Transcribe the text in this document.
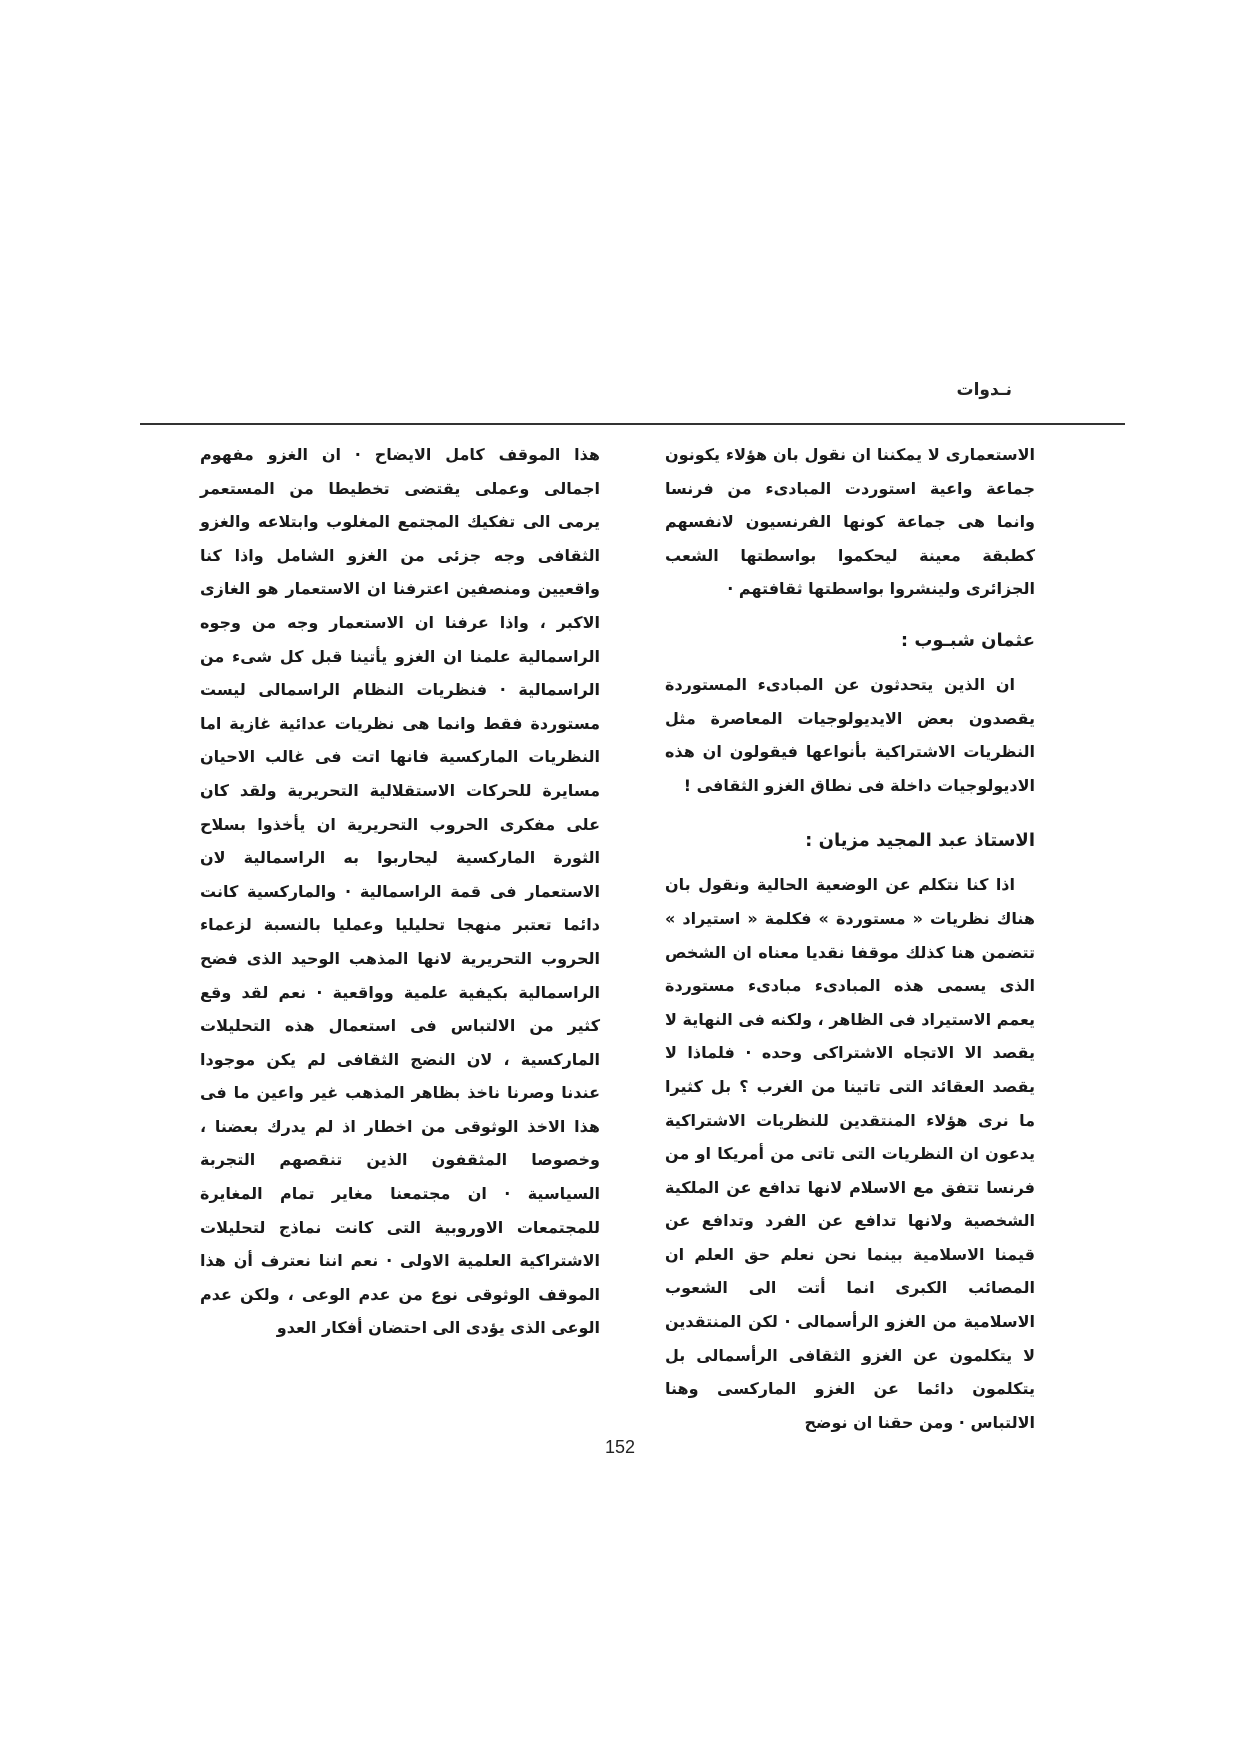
نـدوات

الاستعمارى لا يمكننا ان نقول بان هؤلاء يكونون جماعة واعية استوردت المبادىء من فرنسا وانما هى جماعة كونها الفرنسيون لانفسهم كطبقة معينة ليحكموا بواسطتها الشعب الجزائرى ولينشروا بواسطتها ثقافتهم ·

عثمان شبـوب :

ان الذين يتحدثون عن المبادىء المستوردة يقصدون بعض الايديولوجيات المعاصرة مثل النظريات الاشتراكية بأنواعها فيقولون ان هذه الاديولوجيات داخلة فى نطاق الغزو الثقافى !

الاستاذ عبد المجيد مزيان :

اذا كنا نتكلم عن الوضعية الحالية ونقول بان هناك نظريات « مستوردة » فكلمة « استيراد » تتضمن هنا كذلك موقفا نقديا معناه ان الشخص الذى يسمى هذه المبادىء مبادىء مستوردة يعمم الاستيراد فى الظاهر ، ولكنه فى النهاية لا يقصد الا الاتجاه الاشتراكى وحده · فلماذا لا يقصد العقائد التى تاتينا من الغرب ؟ بل كثيرا ما نرى هؤلاء المنتقدين للنظريات الاشتراكية يدعون ان النظريات التى تاتى من أمريكا او من فرنسا تتفق مع الاسلام لانها تدافع عن الملكية الشخصية ولانها تدافع عن الفرد وتدافع عن قيمنا الاسلامية بينما نحن نعلم حق العلم ان المصائب الكبرى انما أتت الى الشعوب الاسلامية من الغزو الرأسمالى · لكن المنتقدين لا يتكلمون عن الغزو الثقافى الرأسمالى بل يتكلمون دائما عن الغزو الماركسى وهنا الالتباس · ومن حقنا ان نوضح

هذا الموقف كامل الايضاح · ان الغزو مفهوم اجمالى وعملى يقتضى تخطيطا من المستعمر يرمى الى تفكيك المجتمع المغلوب وابتلاعه والغزو الثقافى وجه جزئى من الغزو الشامل واذا كنا واقعيين ومنصفين اعترفنا ان الاستعمار هو الغازى الاكبر ، واذا عرفنا ان الاستعمار وجه من وجوه الراسمالية علمنا ان الغزو يأتينا قبل كل شىء من الراسمالية · فنظريات النظام الراسمالى ليست مستوردة فقط وانما هى نظريات عدائية غازية اما النظريات الماركسية فانها اتت فى غالب الاحيان مسايرة للحركات الاستقلالية التحريرية ولقد كان على مفكرى الحروب التحريرية ان يأخذوا بسلاح الثورة الماركسية ليحاربوا به الراسمالية لان الاستعمار فى قمة الراسمالية · والماركسية كانت دائما تعتبر منهجا تحليليا وعمليا بالنسبة لزعماء الحروب التحريرية لانها المذهب الوحيد الذى فضح الراسمالية بكيفية علمية وواقعية · نعم لقد وقع كثير من الالتباس فى استعمال هذه التحليلات الماركسية ، لان النضج الثقافى لم يكن موجودا عندنا وصرنا ناخذ بظاهر المذهب غير واعين ما فى هذا الاخذ الوثوقى من اخطار اذ لم يدرك بعضنا ، وخصوصا المثقفون الذين تنقصهم التجربة السياسية · ان مجتمعنا مغاير تمام المغايرة للمجتمعات الاوروبية التى كانت نماذج لتحليلات الاشتراكية العلمية الاولى · نعم اننا نعترف أن هذا الموقف الوثوقى نوع من عدم الوعى ، ولكن عدم الوعى الذى يؤدى الى احتضان أفكار العدو

152
